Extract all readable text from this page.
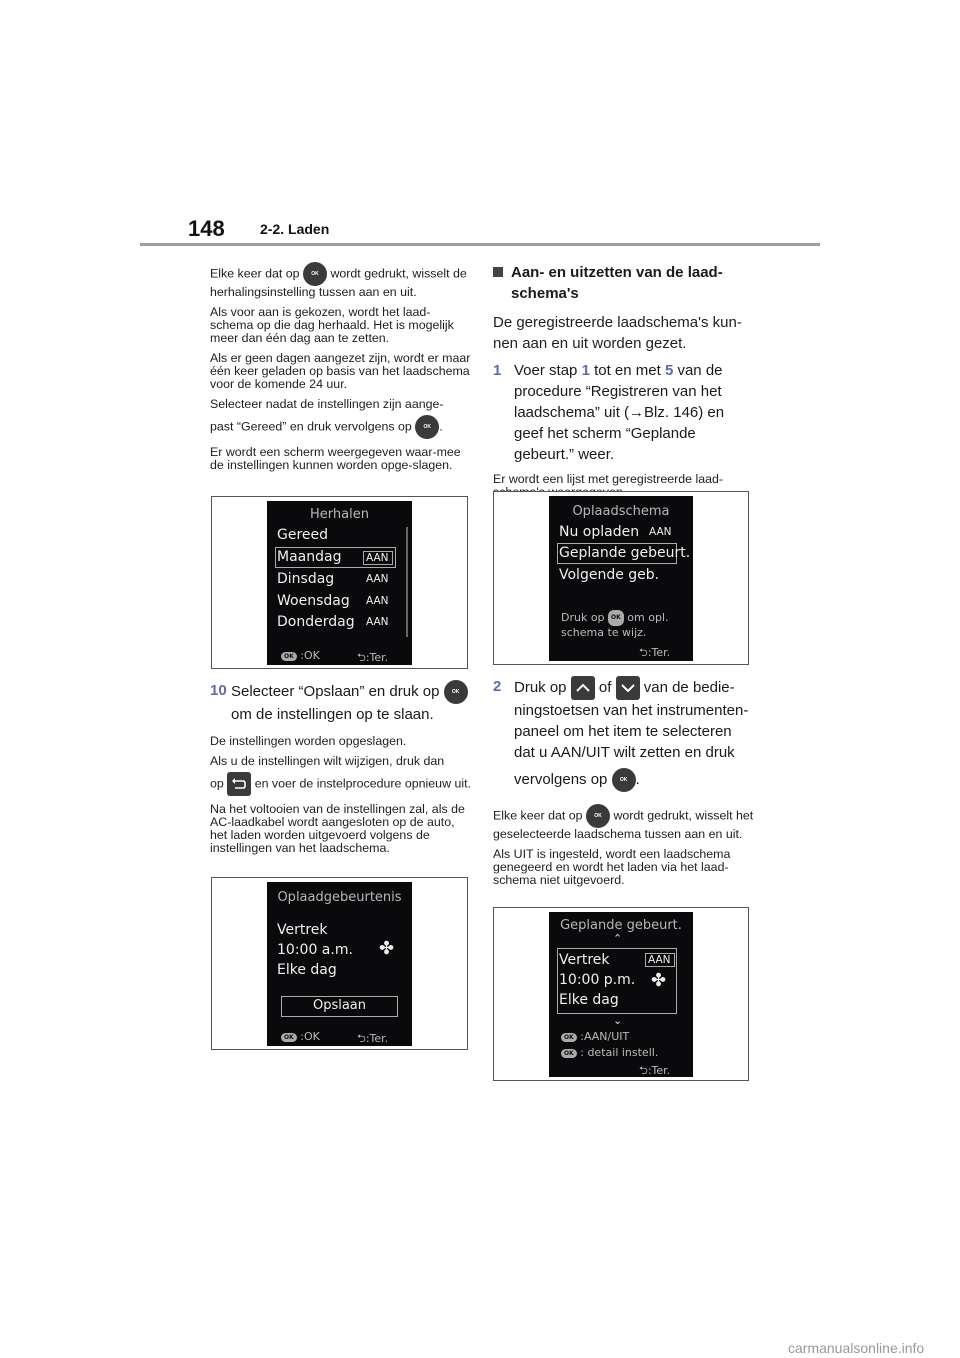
148	2-2. Laden

Elke keer dat op OK wordt gedrukt, wisselt de herhalingsinstelling tussen aan en uit.

Als voor aan is gekozen, wordt het laad-schema op die dag herhaald. Het is mogelijk meer dan één dag aan te zetten.

Als er geen dagen aangezet zijn, wordt er maar één keer geladen op basis van het laadschema voor de komende 24 uur.

Selecteer nadat de instellingen zijn aange-

past “Gereed” en druk vervolgens op OK .

Er wordt een scherm weergegeven waar-mee de instellingen kunnen worden opge-slagen.

Herhalen
Gereed
Maandag AAN
Dinsdag	AAN
Woensdag AAN
Donderdag AAN
OK :OK	⮌:Ter.
10 Selecteer “Opslaan” en druk op OK
om de instellingen op te slaan.

De instellingen worden opgeslagen.

Als u de instellingen wilt wijzigen, druk dan

op en voer de instelprocedure opnieuw uit.

Na het voltooien van de instellingen zal, als de AC-laadkabel wordt aangesloten op de auto, het laden worden uitgevoerd volgens de instellingen van het laadschema.

Oplaadgebeurtenis
Vertrek
10:00 a.m.
Elke dag
✤
Opslaan
OK :OK	⮌:Ter.
Aan- en uitzetten van de laad-schema's

De geregistreerde laadschema's kun-nen aan en uit worden gezet.

1 Voer stap 1 tot en met 5 van de procedure “Registreren van het laadschema” uit (→Blz. 146) en geef het scherm “Geplande gebeurt.” weer.

Er wordt een lijst met geregistreerde laad-

Oplaadschema
Nu opladen AAN
Geplande gebeurt.
Volgende geb.
Druk op OK om opl.
schema te wijz.
⮌:Ter.
2 Druk op of van de bedie-ningstoetsen van het instrumenten-paneel om het item te selecteren dat u AAN/UIT wilt zetten en druk
vervolgens op OK .

Elke keer dat op OK wordt gedrukt, wisselt het geselecteerde laadschema tussen aan en uit.

Als UIT is ingesteld, wordt een laadschema genegeerd en wordt het laden via het laad-schema niet uitgevoerd.

Geplande gebeurt.
⌃
Vertrek	AAN
10:00 p.m. ✤
Elke dag
⌄
OK :AAN/UIT
OK : detail instell.
⮌:Ter.
carmanualsonline.info
